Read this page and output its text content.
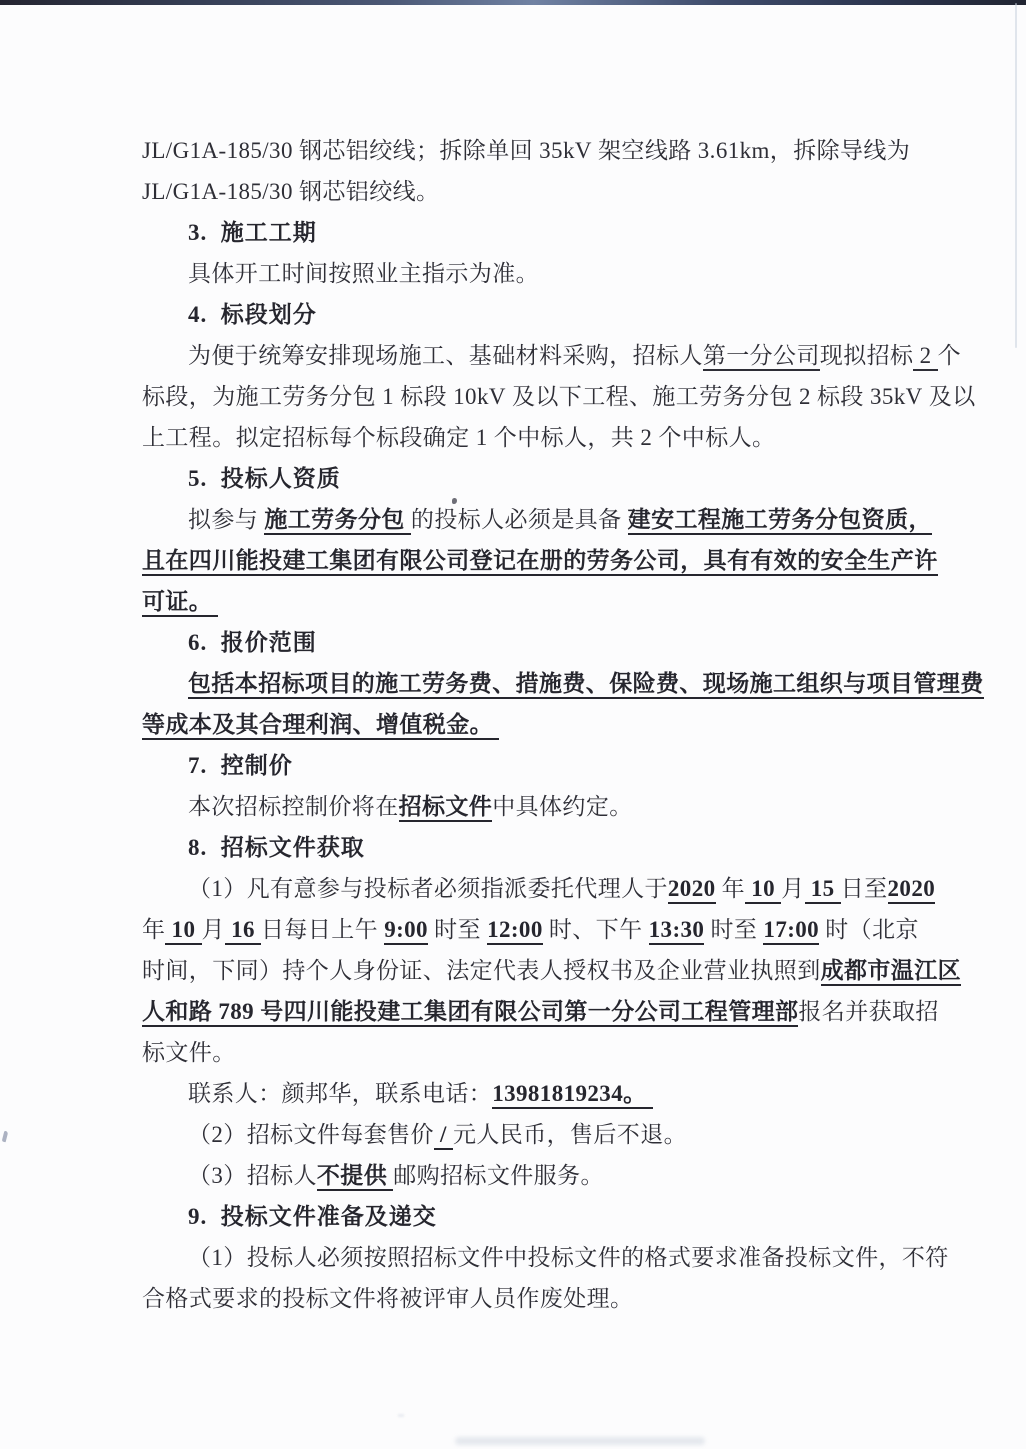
JL/G1A-185/30 钢芯铝绞线；拆除单回 35kV 架空线路 3.61km，拆除导线为
JL/G1A-185/30 钢芯铝绞线。
3.  施工工期
具体开工时间按照业主指示为准。
4.  标段划分
为便于统筹安排现场施工、基础材料采购，招标人第一分公司现拟招标 2 个
标段，为施工劳务分包 1 标段 10kV 及以下工程、施工劳务分包 2 标段 35kV 及以
上工程。拟定招标每个标段确定 1 个中标人，共 2 个中标人。
5.  投标人资质
拟参与 施工劳务分包 的投标人必须是具备 建安工程施工劳务分包资质，
且在四川能投建工集团有限公司登记在册的劳务公司，具有有效的安全生产许
可证。
6.  报价范围
包括本招标项目的施工劳务费、措施费、保险费、现场施工组织与项目管理费
等成本及其合理利润、增值税金。
7.  控制价
本次招标控制价将在招标文件中具体约定。
8.  招标文件获取
（1）凡有意参与投标者必须指派委托代理人于2020 年 10 月 15 日至2020
年 10 月 16 日每日上午 9:00 时至 12:00 时、下午 13:30 时至 17:00 时（北京
时间，下同）持个人身份证、法定代表人授权书及企业营业执照到成都市温江区
人和路 789 号四川能投建工集团有限公司第一分公司工程管理部报名并获取招
标文件。
联系人：颜邦华，联系电话：13981819234。
（2）招标文件每套售价 / 元人民币，售后不退。
（3）招标人不提供 邮购招标文件服务。
9.  投标文件准备及递交
（1）投标人必须按照招标文件中投标文件的格式要求准备投标文件，不符
合格式要求的投标文件将被评审人员作废处理。
